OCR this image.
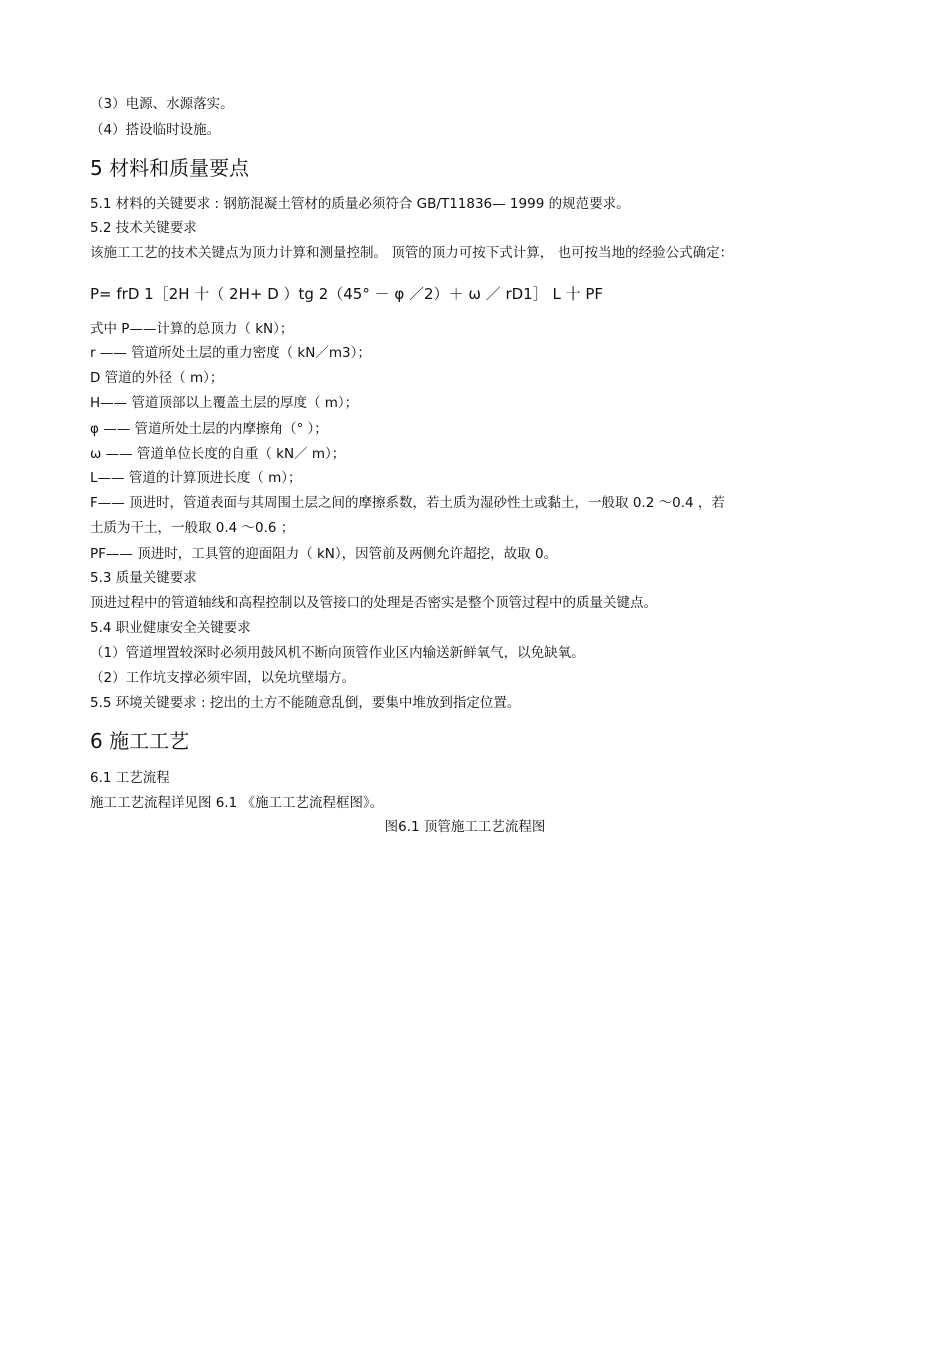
（3）电源、水源落实。
（4）搭设临时设施。
5 材料和质量要点
5.1 材料的关键要求 : 钢筋混凝土管材的质量必须符合 GB/T11836— 1999 的规范要求。
5.2 技术关键要求
该施工工艺的技术关键点为顶力计算和测量控制。 顶管的顶力可按下式计算， 也可按当地的经验公式确定：
P= frD 1［2H 十（ 2H+ D ）tg 2（45° － φ ／2）＋ ω ／ rD1］ L 十 PF
式中 P——计算的总顶力（ kN）；
r —— 管道所处土层的重力密度（ kN／m3）；
D 管道的外径（ m）；
H—— 管道顶部以上覆盖土层的厚度（ m）；
φ —— 管道所处土层的内摩擦角（° ）；
ω —— 管道单位长度的自重（ kN／ m）；
L—— 管道的计算顶进长度（ m）；
F—— 顶进时，管道表面与其周围土层之间的摩擦系数，若土质为湿砂性土或黏土，一般取 0.2 ～0.4 ，若
土质为干土，一般取 0.4 ～0.6 ；
PF—— 顶进时，工具管的迎面阻力（ kN），因管前及两侧允许超挖，故取 0。
5.3 质量关键要求
顶进过程中的管道轴线和高程控制以及管接口的处理是否密实是整个顶管过程中的质量关键点。
5.4 职业健康安全关键要求
（1）管道埋置较深时必须用鼓风机不断向顶管作业区内输送新鲜氧气，以免缺氧。
（2）工作坑支撑必须牢固，以免坑壁塌方。
5.5 环境关键要求 : 挖出的土方不能随意乱倒，要集中堆放到指定位置。
6 施工工艺
6.1 工艺流程
施工工艺流程详见图 6.1 《施工工艺流程框图》。
图6.1 顶管施工工艺流程图
